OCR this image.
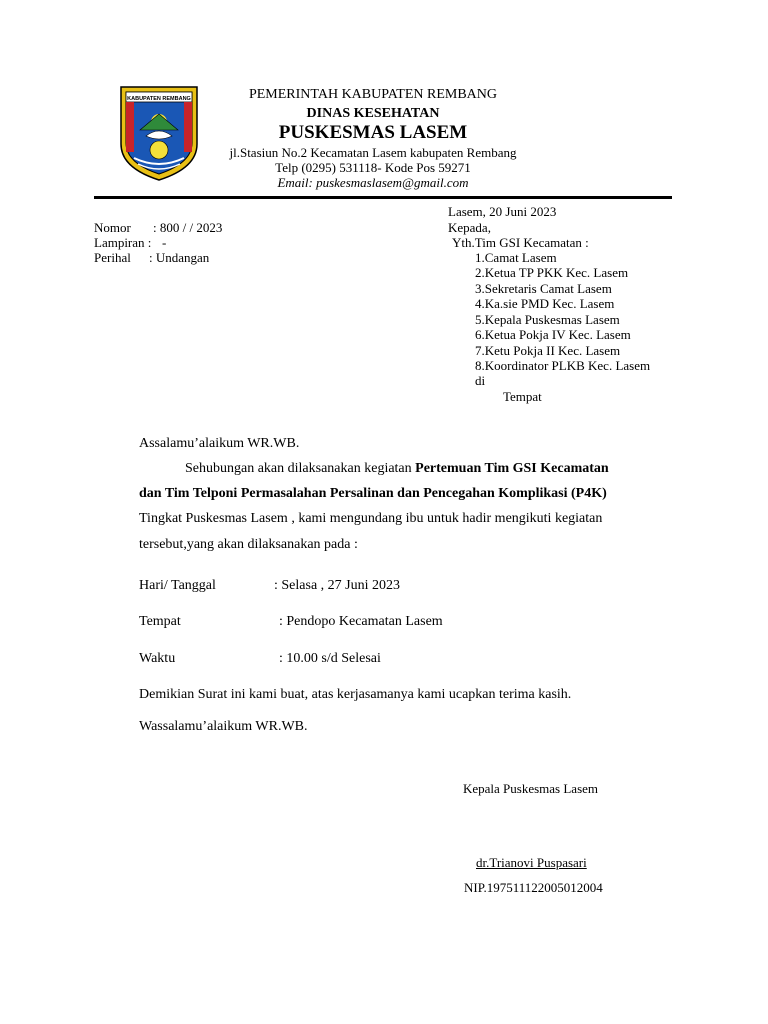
KABUPATEN REMBANG	PEMERINTAH KABUPATEN REMBANG
DINAS KESEHATAN
PUSKESMAS LASEM
jl.Stasiun No.2 Kecamatan Lasem kabupaten Rembang
Telp (0295) 531118- Kode Pos 59271
Email: puskesmaslasem@gmail.com
Lasem, 20 Juni 2023
Nomor : 800 / / 2023
Lampiran : -
Perihal : Undangan
Kepada,
Yth.Tim GSI Kecamatan :
1.Camat Lasem
2.Ketua TP PKK Kec. Lasem
3.Sekretaris Camat Lasem
4.Ka.sie PMD Kec. Lasem
5.Kepala Puskesmas Lasem
6.Ketua Pokja IV Kec. Lasem
7.Ketu Pokja II Kec. Lasem
8.Koordinator PLKB Kec. Lasem
di
Tempat
Assalamu’alaikum WR.WB.
Sehubungan akan dilaksanakan kegiatan Pertemuan Tim GSI Kecamatan
dan Tim Telponi Permasalahan Persalinan dan Pencegahan Komplikasi (P4K)
Tingkat Puskesmas Lasem , kami mengundang ibu untuk hadir mengikuti kegiatan
tersebut,yang akan dilaksanakan pada :
Hari/ Tanggal	: Selasa , 27 Juni 2023
Tempat	: Pendopo Kecamatan Lasem
Waktu	: 10.00 s/d Selesai
Demikian Surat ini kami buat, atas kerjasamanya kami ucapkan terima kasih.
Wassalamu’alaikum WR.WB.
Kepala Puskesmas Lasem
dr.Trianovi Puspasari
NIP.197511122005012004
